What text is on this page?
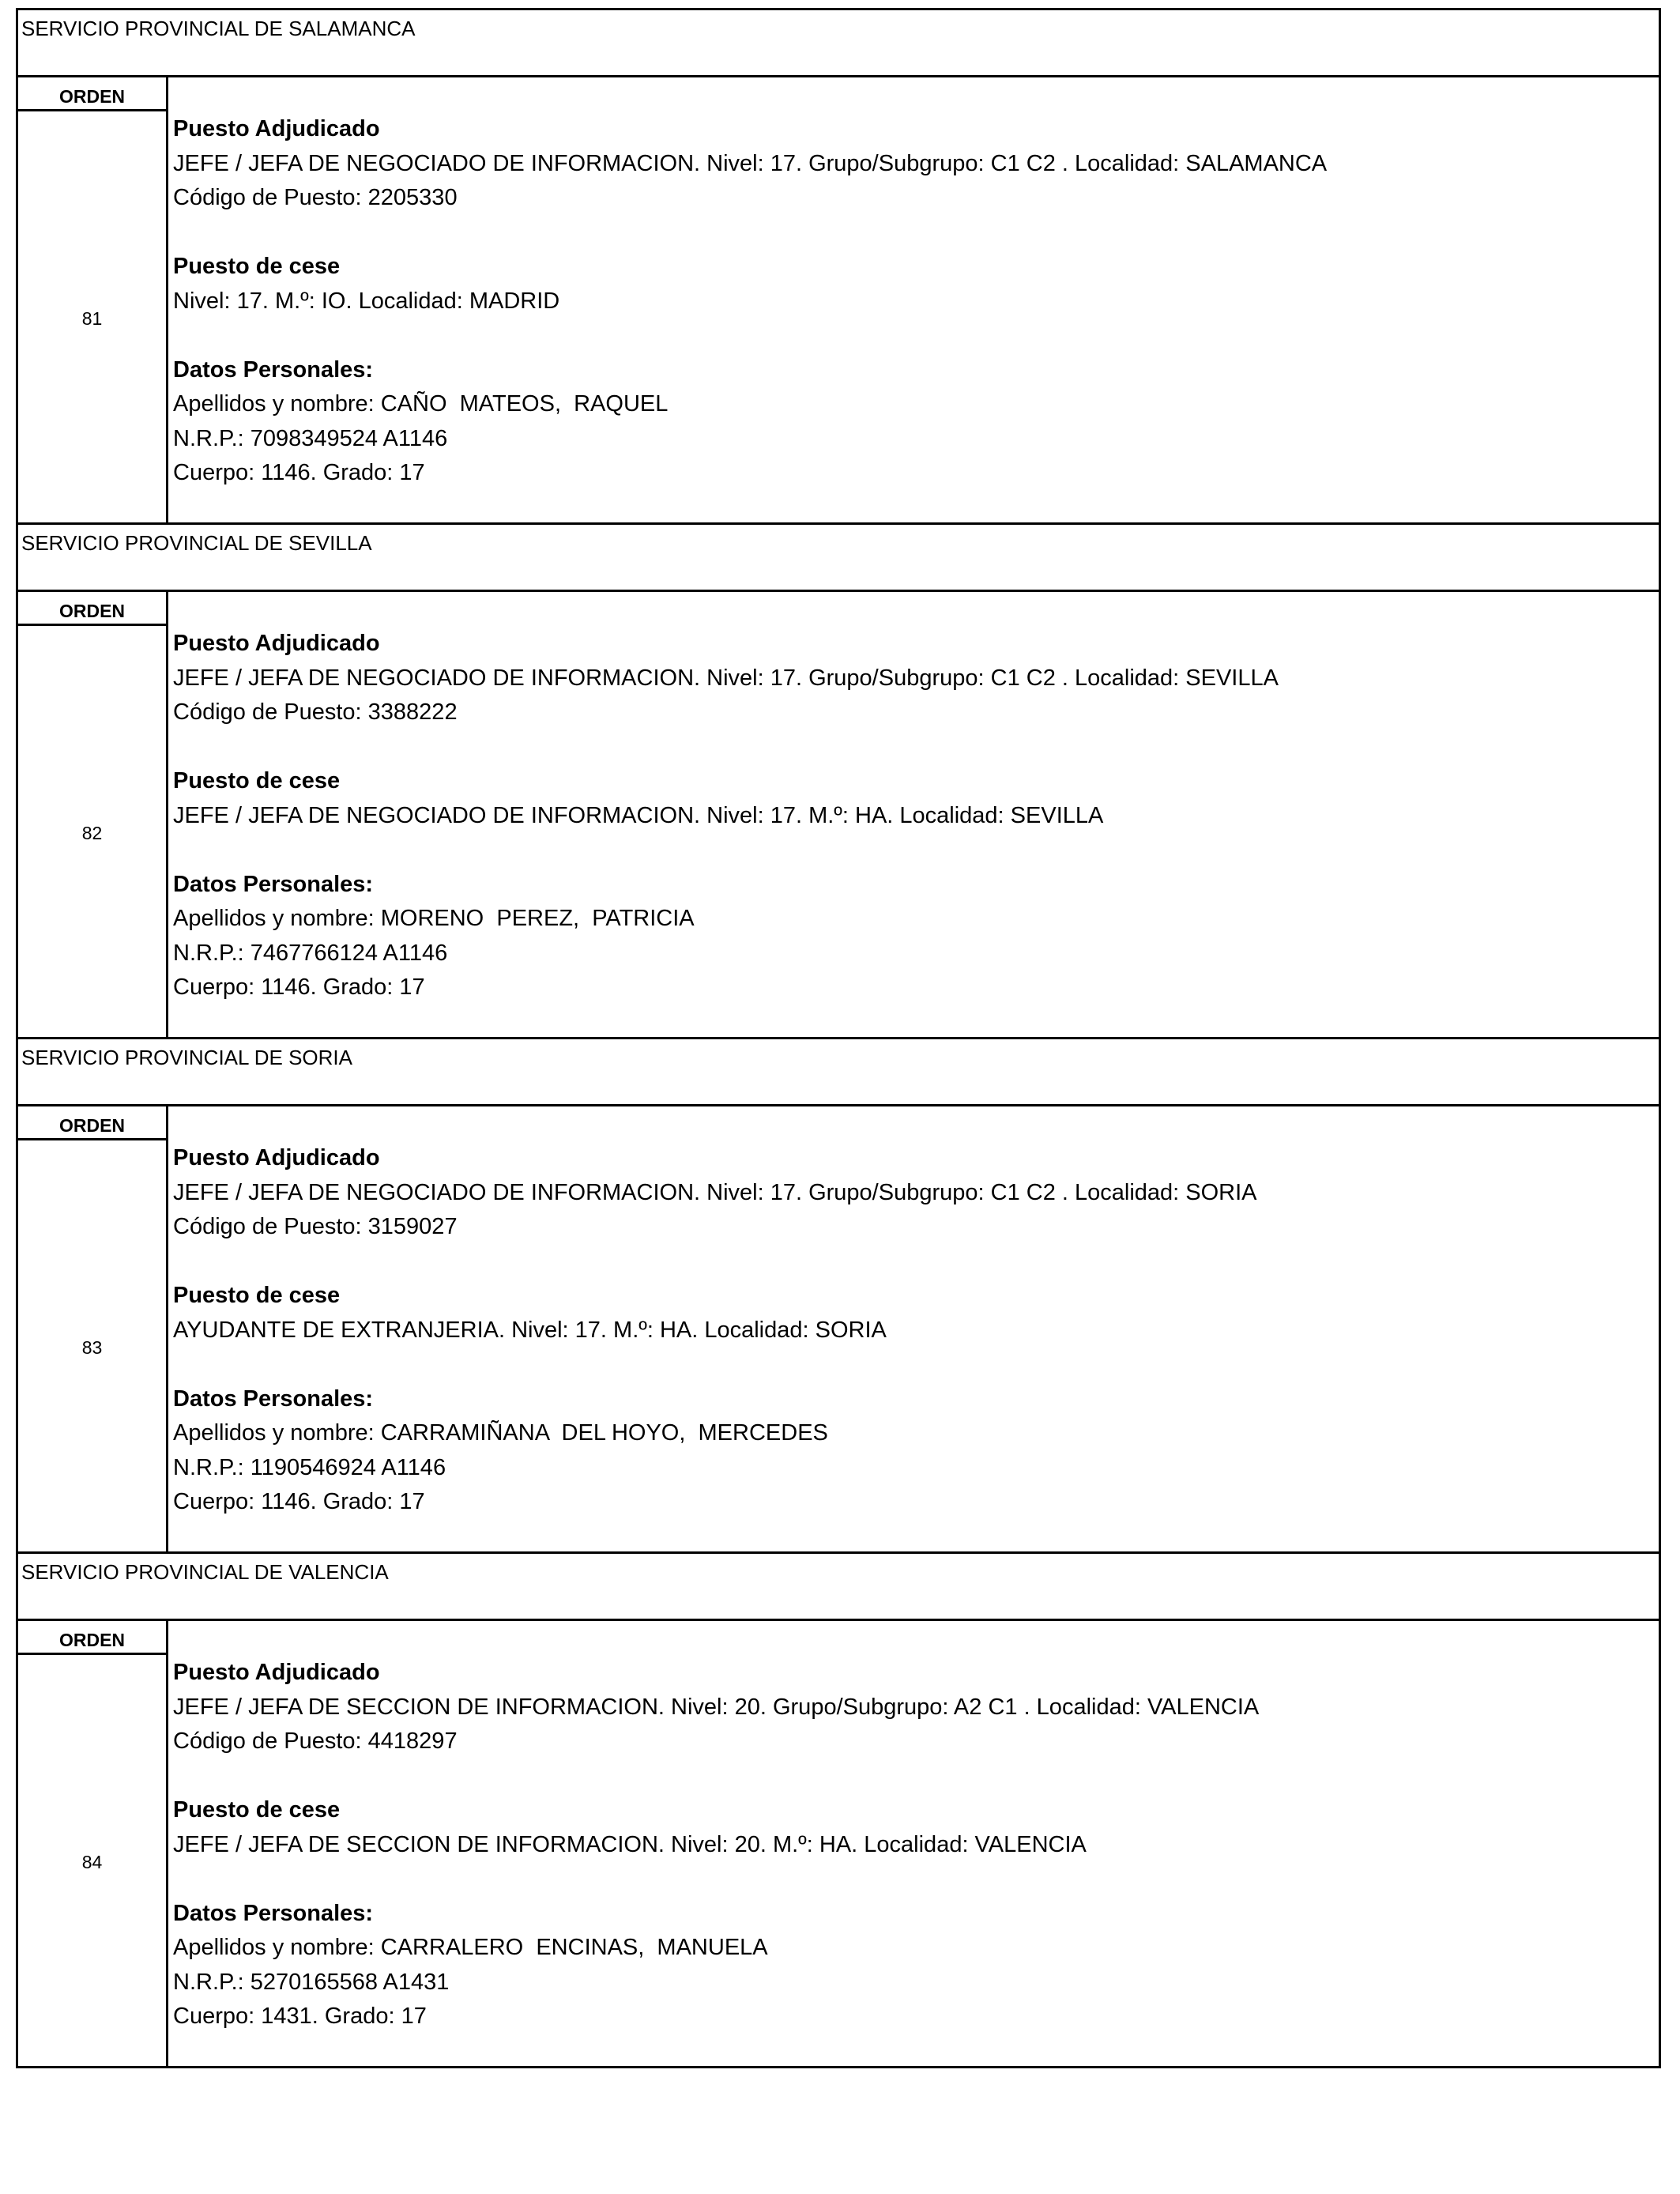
SERVICIO PROVINCIAL DE SALAMANCA
ORDEN
81
Puesto Adjudicado
JEFE / JEFA DE NEGOCIADO DE INFORMACION. Nivel: 17. Grupo/Subgrupo: C1 C2 . Localidad: SALAMANCA
Código de Puesto: 2205330
Puesto de cese
Nivel: 17. M.º: IO. Localidad: MADRID
Datos Personales:
Apellidos y nombre: CAÑO  MATEOS,  RAQUEL
N.R.P.: 7098349524 A1146
Cuerpo: 1146. Grado: 17
SERVICIO PROVINCIAL DE SEVILLA
ORDEN
82
Puesto Adjudicado
JEFE / JEFA DE NEGOCIADO DE INFORMACION. Nivel: 17. Grupo/Subgrupo: C1 C2 . Localidad: SEVILLA
Código de Puesto: 3388222
Puesto de cese
JEFE / JEFA DE NEGOCIADO DE INFORMACION. Nivel: 17. M.º: HA. Localidad: SEVILLA
Datos Personales:
Apellidos y nombre: MORENO  PEREZ,  PATRICIA
N.R.P.: 7467766124 A1146
Cuerpo: 1146. Grado: 17
SERVICIO PROVINCIAL DE SORIA
ORDEN
83
Puesto Adjudicado
JEFE / JEFA DE NEGOCIADO DE INFORMACION. Nivel: 17. Grupo/Subgrupo: C1 C2 . Localidad: SORIA
Código de Puesto: 3159027
Puesto de cese
AYUDANTE DE EXTRANJERIA. Nivel: 17. M.º: HA. Localidad: SORIA
Datos Personales:
Apellidos y nombre: CARRAMIÑANA  DEL HOYO,  MERCEDES
N.R.P.: 1190546924 A1146
Cuerpo: 1146. Grado: 17
SERVICIO PROVINCIAL DE VALENCIA
ORDEN
84
Puesto Adjudicado
JEFE / JEFA DE SECCION DE INFORMACION. Nivel: 20. Grupo/Subgrupo: A2 C1 . Localidad: VALENCIA
Código de Puesto: 4418297
Puesto de cese
JEFE / JEFA DE SECCION DE INFORMACION. Nivel: 20. M.º: HA. Localidad: VALENCIA
Datos Personales:
Apellidos y nombre: CARRALERO  ENCINAS,  MANUELA
N.R.P.: 5270165568 A1431
Cuerpo: 1431. Grado: 17
